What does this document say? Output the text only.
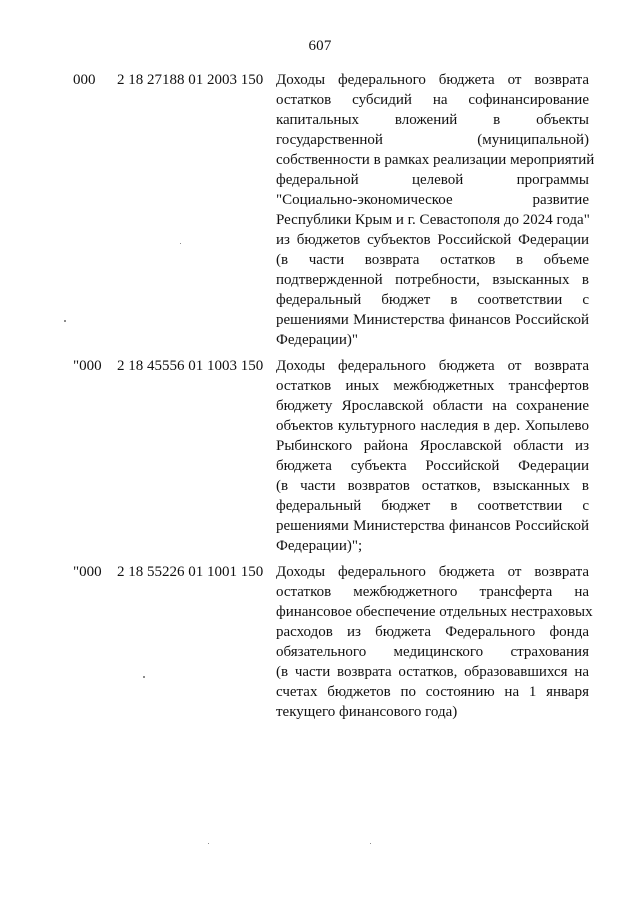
607
000 2 18 27188 01 2003 150 Доходы федерального бюджета от возврата
остатков субсидий на софинансирование
капитальных вложений в объекты
государственной (муниципальной)
собственности в рамках реализации мероприятий
федеральной целевой программы
"Социально-экономическое развитие
Республики Крым и г. Севастополя до 2024 года"
из бюджетов субъектов Российской Федерации
(в части возврата остатков в объеме
подтвержденной потребности, взысканных в
федеральный бюджет в соответствии с
решениями Министерства финансов Российской
Федерации)"
"000 2 18 45556 01 1003 150 Доходы федерального бюджета от возврата
остатков иных межбюджетных трансфертов
бюджету Ярославской области на сохранение
объектов культурного наследия в дер. Хопылево
Рыбинского района Ярославской области из
бюджета субъекта Российской Федерации
(в части возвратов остатков, взысканных в
федеральный бюджет в соответствии с
решениями Министерства финансов Российской
Федерации)";
"000 2 18 55226 01 1001 150 Доходы федерального бюджета от возврата
остатков межбюджетного трансферта на
финансовое обеспечение отдельных нестраховых
расходов из бюджета Федерального фонда
обязательного медицинского страхования
(в части возврата остатков, образовавшихся на
счетах бюджетов по состоянию на 1 января
текущего финансового года)
